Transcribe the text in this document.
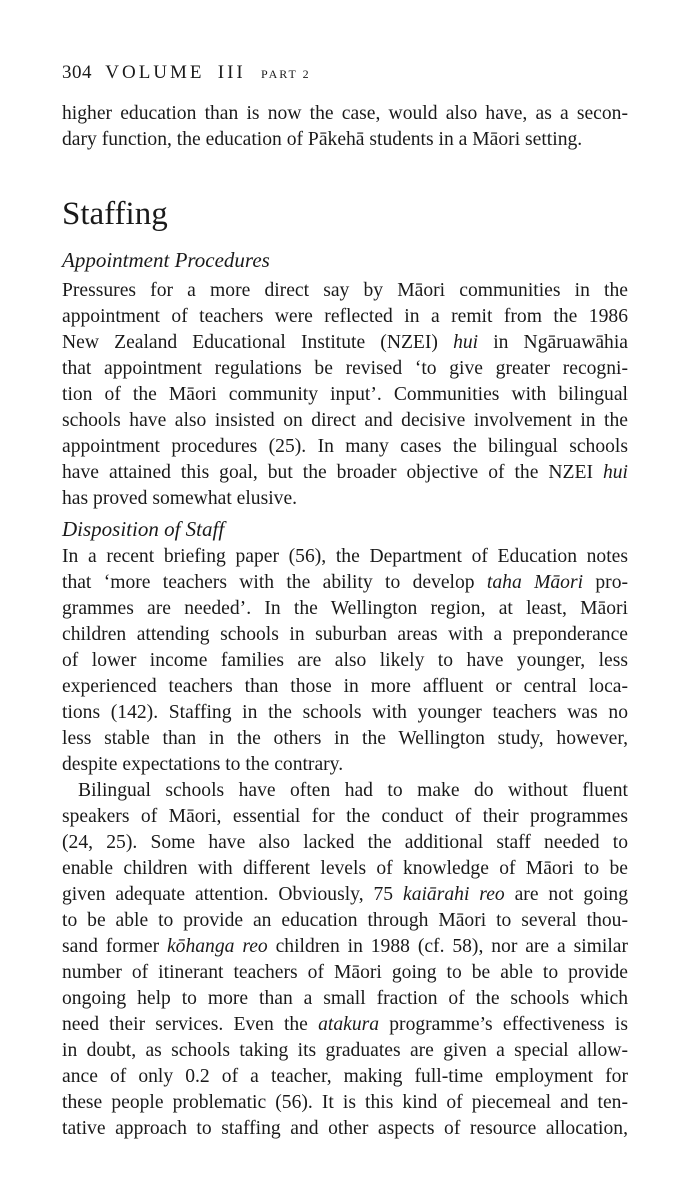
304 VOLUME III PART 2
higher education than is now the case, would also have, as a secon-
dary function, the education of Pākehā students in a Māori setting.
Staffing
Appointment Procedures
Pressures for a more direct say by Māori communities in the
appointment of teachers were reflected in a remit from the 1986
New Zealand Educational Institute (NZEI) hui in Ngāruawāhia
that appointment regulations be revised ‘to give greater recogni-
tion of the Māori community input’. Communities with bilingual
schools have also insisted on direct and decisive involvement in the
appointment procedures (25). In many cases the bilingual schools
have attained this goal, but the broader objective of the NZEI hui
has proved somewhat elusive.
Disposition of Staff
In a recent briefing paper (56), the Department of Education notes
that ‘more teachers with the ability to develop taha Māori pro-
grammes are needed’. In the Wellington region, at least, Māori
children attending schools in suburban areas with a preponderance
of lower income families are also likely to have younger, less
experienced teachers than those in more affluent or central loca-
tions (142). Staffing in the schools with younger teachers was no
less stable than in the others in the Wellington study, however,
despite expectations to the contrary.
Bilingual schools have often had to make do without fluent
speakers of Māori, essential for the conduct of their programmes
(24, 25). Some have also lacked the additional staff needed to
enable children with different levels of knowledge of Māori to be
given adequate attention. Obviously, 75 kaiārahi reo are not going
to be able to provide an education through Māori to several thou-
sand former kōhanga reo children in 1988 (cf. 58), nor are a similar
number of itinerant teachers of Māori going to be able to provide
ongoing help to more than a small fraction of the schools which
need their services. Even the atakura programme’s effectiveness is
in doubt, as schools taking its graduates are given a special allow-
ance of only 0.2 of a teacher, making full-time employment for
these people problematic (56). It is this kind of piecemeal and ten-
tative approach to staffing and other aspects of resource allocation,
